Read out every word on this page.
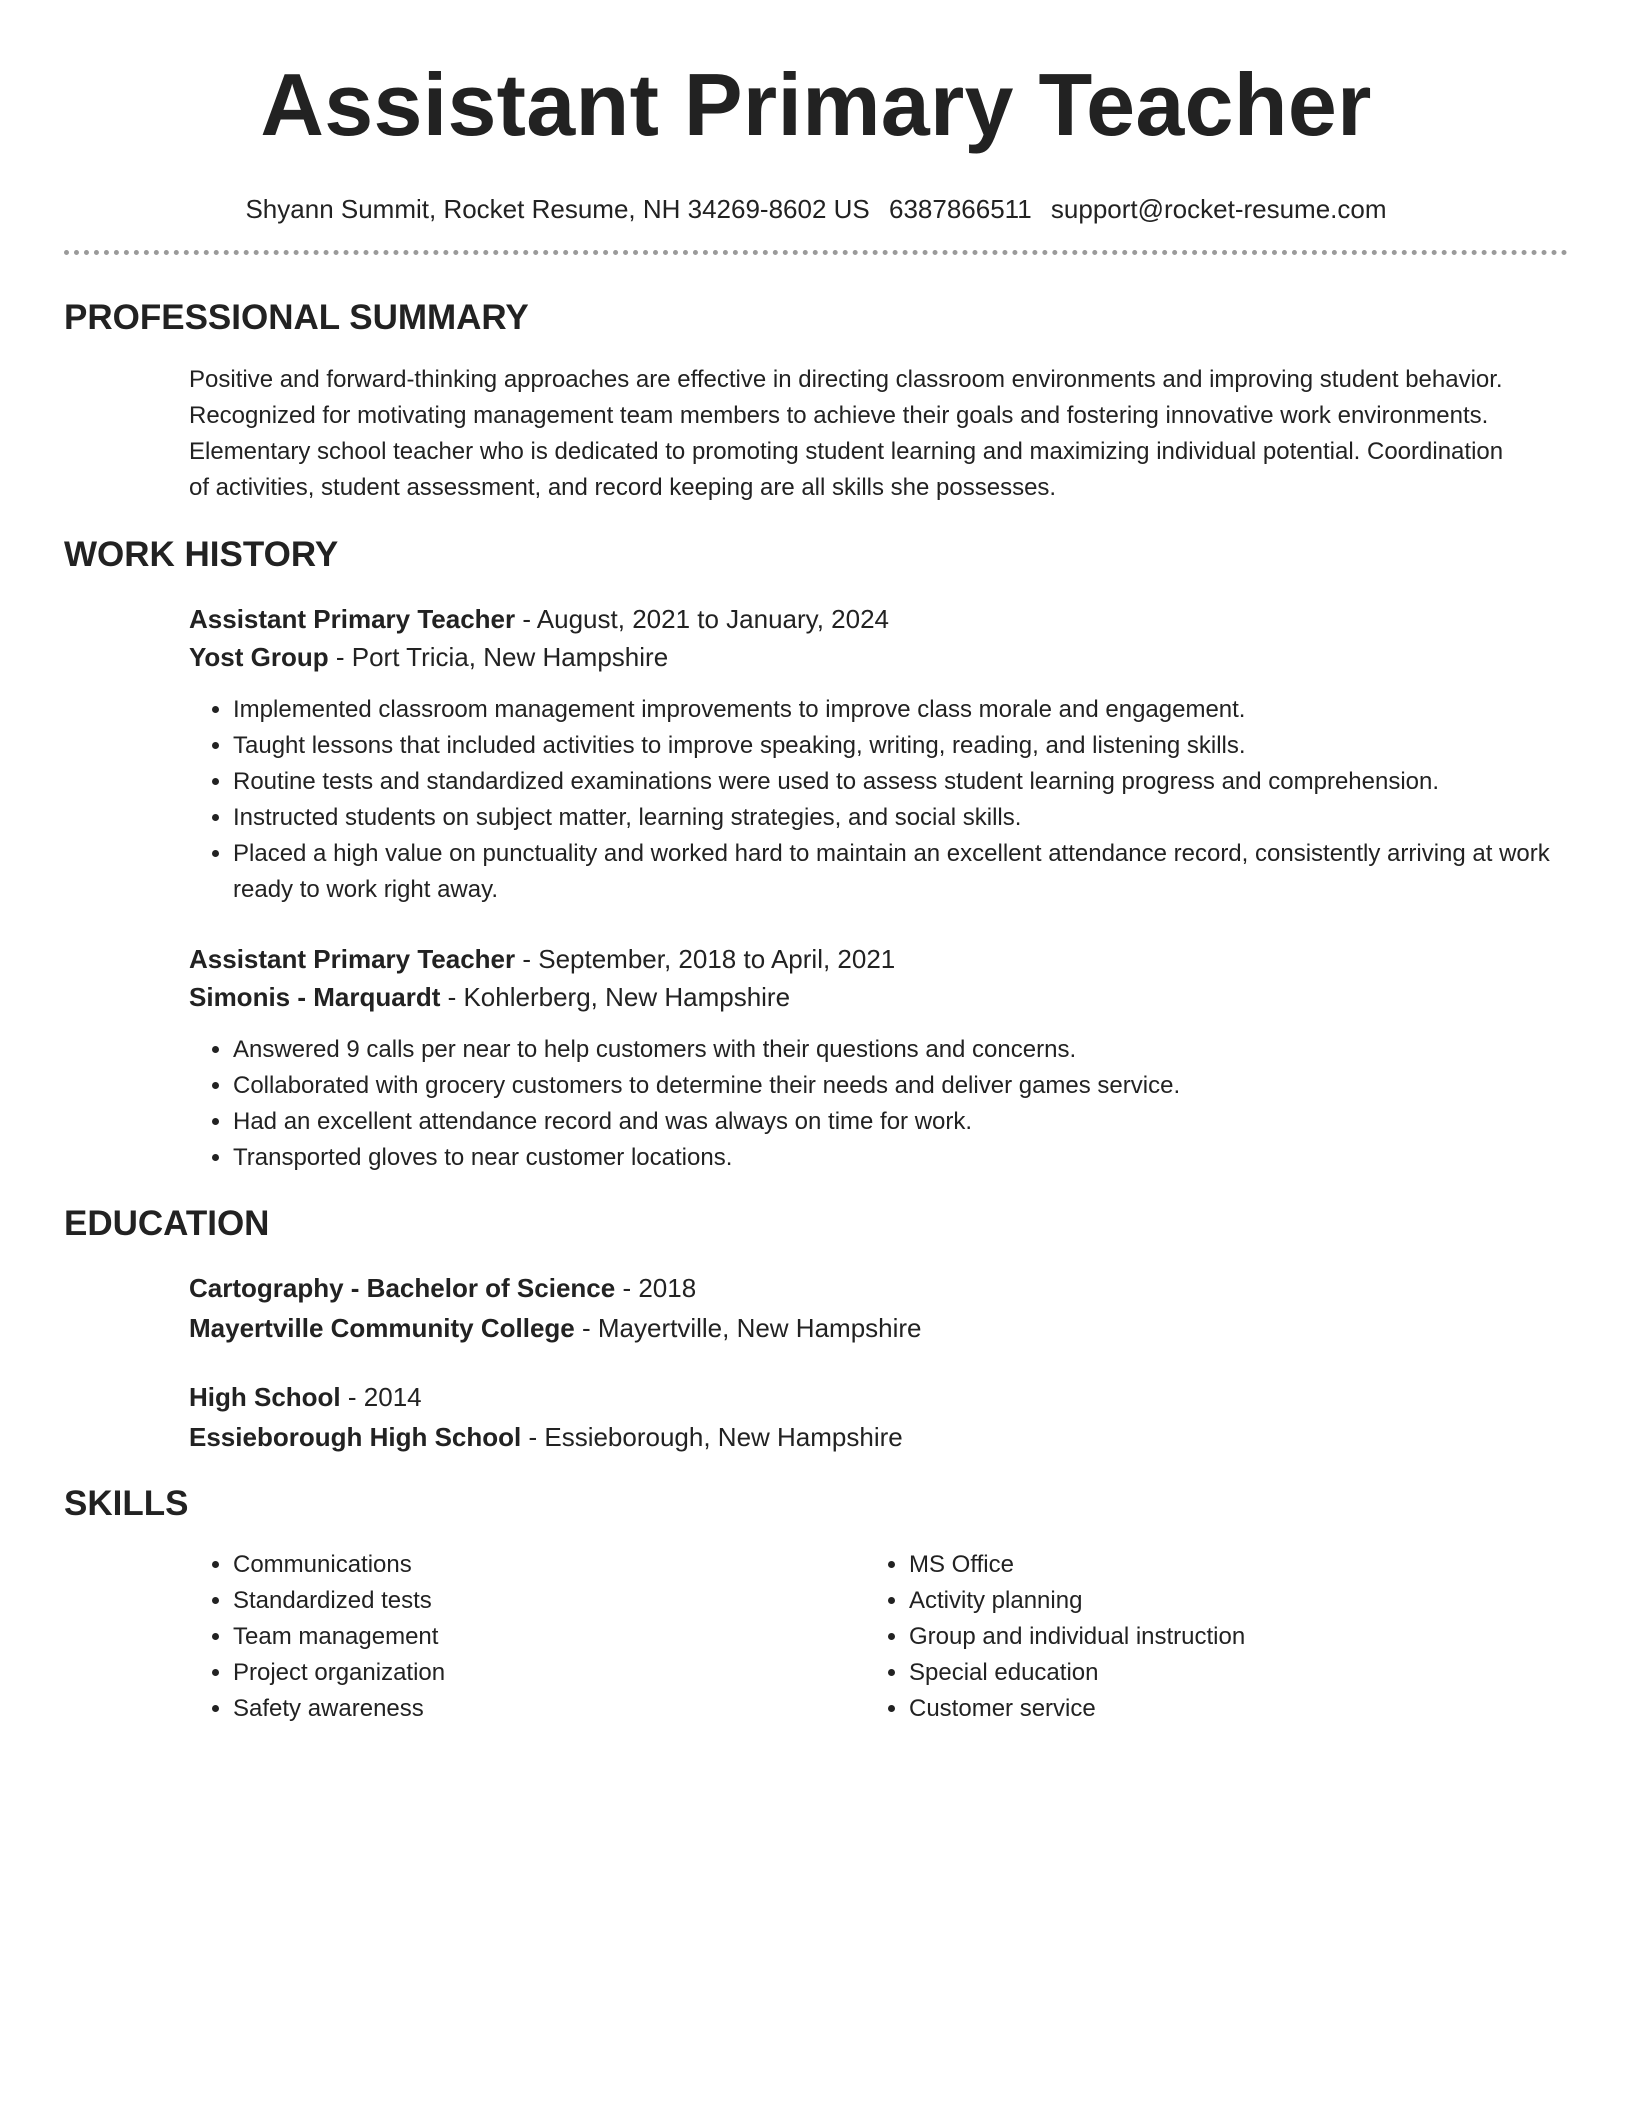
Assistant Primary Teacher
Shyann Summit, Rocket Resume, NH 34269-8602 US 6387866511 support@rocket-resume.com
PROFESSIONAL SUMMARY
Positive and forward-thinking approaches are effective in directing classroom environments and improving student behavior.
Recognized for motivating management team members to achieve their goals and fostering innovative work environments.
Elementary school teacher who is dedicated to promoting student learning and maximizing individual potential. Coordination
of activities, student assessment, and record keeping are all skills she possesses.
WORK HISTORY
Assistant Primary Teacher - August, 2021 to January, 2024
Yost Group - Port Tricia, New Hampshire
• Implemented classroom management improvements to improve class morale and engagement.
• Taught lessons that included activities to improve speaking, writing, reading, and listening skills.
• Routine tests and standardized examinations were used to assess student learning progress and comprehension.
• Instructed students on subject matter, learning strategies, and social skills.
• Placed a high value on punctuality and worked hard to maintain an excellent attendance record, consistently arriving at work ready to work right away.
Assistant Primary Teacher - September, 2018 to April, 2021
Simonis - Marquardt - Kohlerberg, New Hampshire
• Answered 9 calls per near to help customers with their questions and concerns.
• Collaborated with grocery customers to determine their needs and deliver games service.
• Had an excellent attendance record and was always on time for work.
• Transported gloves to near customer locations.
EDUCATION
Cartography - Bachelor of Science - 2018
Mayertville Community College - Mayertville, New Hampshire
High School - 2014
Essieborough High School - Essieborough, New Hampshire
SKILLS
• Communications
• Standardized tests
• Team management
• Project organization
• Safety awareness
• MS Office
• Activity planning
• Group and individual instruction
• Special education
• Customer service
